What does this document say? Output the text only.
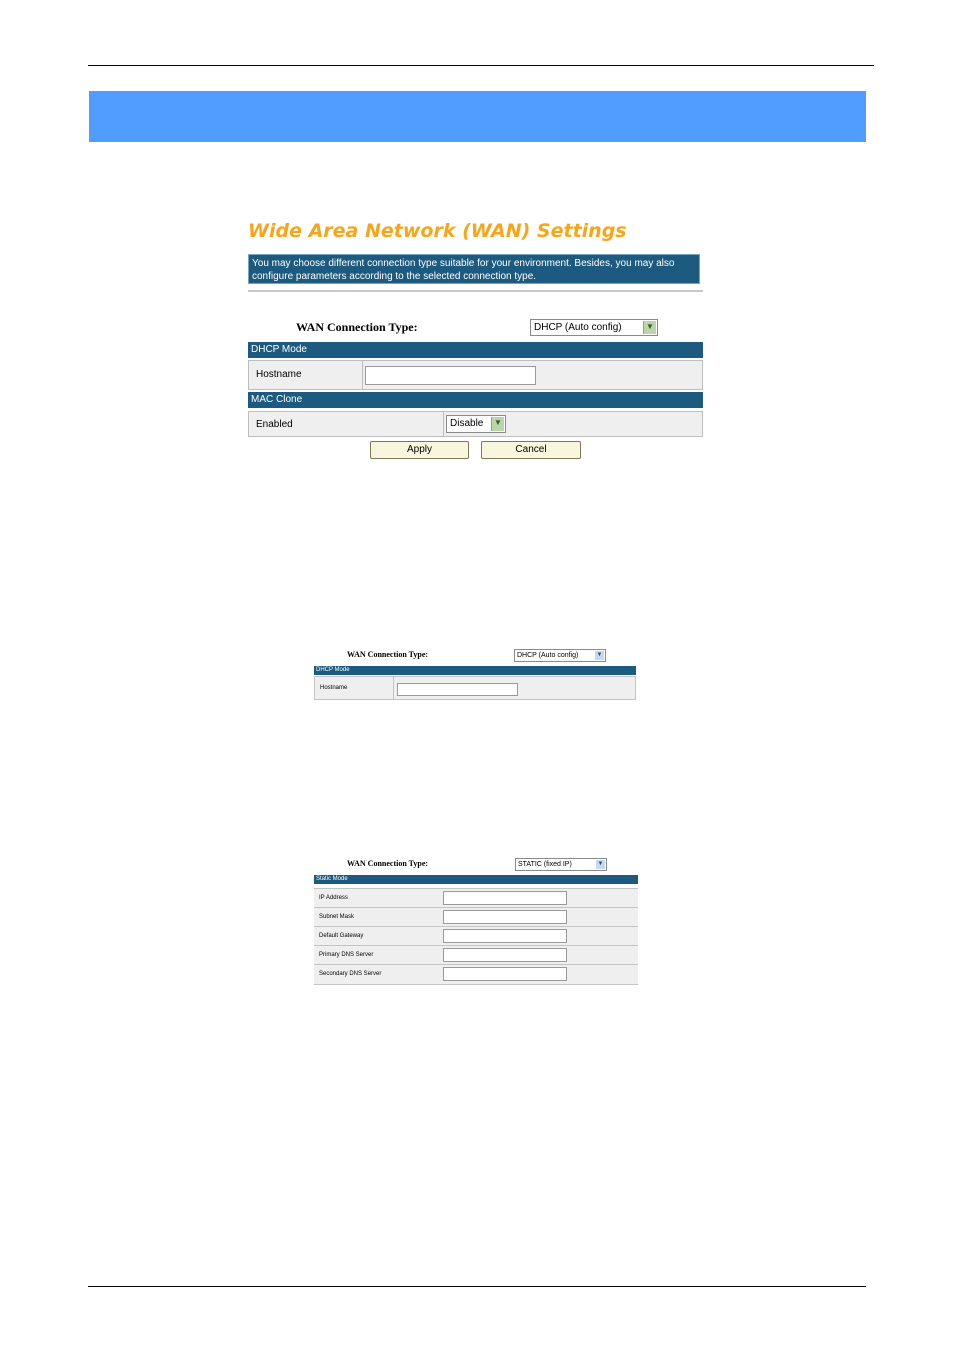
Wide Area Network (WAN) Settings
You may choose different connection type suitable for your environment. Besides, you may also configure parameters according to the selected connection type.
WAN Connection Type:	DHCP (Auto config)	▼
DHCP Mode
Hostname
MAC Clone
Enabled	Disable	▼
Apply	Cancel
WAN Connection Type:	DHCP (Auto config)	▼
DHCP Mode
Hostname
WAN Connection Type:	STATIC (fixed IP)	▼
Static Mode
IP Address
Subnet Mask
Default Gateway
Primary DNS Server
Secondary DNS Server
